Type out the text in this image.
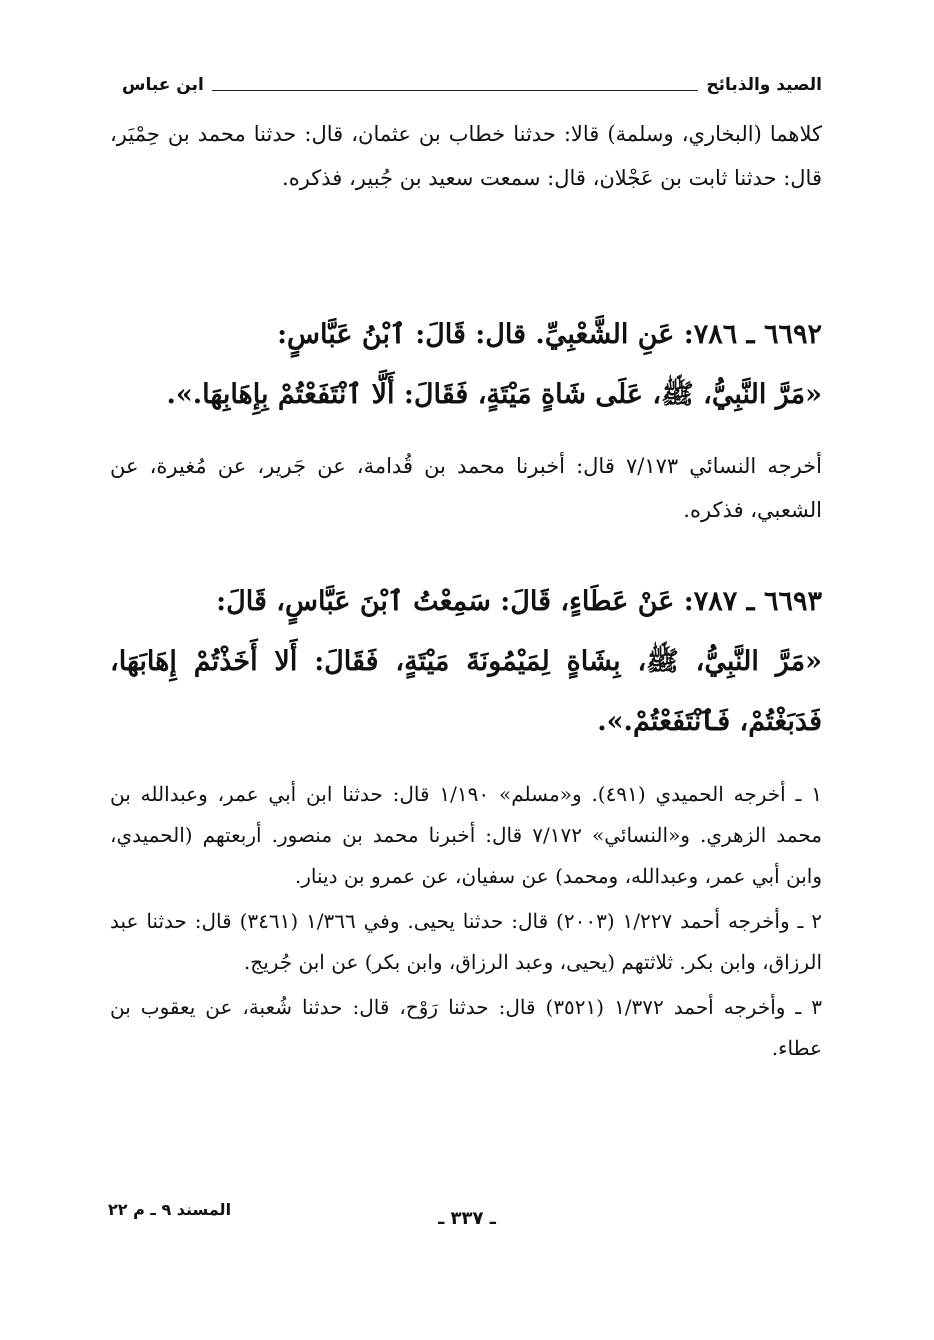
الصيد والذبائح
ابن عباس
كلاهما (البخاري، وسلمة) قالا: حدثنا خطاب بن عثمان، قال: حدثنا محمد بن حِمْيَر، قال: حدثنا ثابت بن عَجْلان، قال: سمعت سعيد بن جُبير، فذكره.
٦٦٩٢ ـ ٧٨٦: عَنِ الشَّعْبِيِّ. قال: قَالَ: ٱبْنُ عَبَّاسٍ:
«مَرَّ النَّبِيُّ، ﷺ، عَلَى شَاةٍ مَيْتَةٍ، فَقَالَ: أَلَّا ٱنْتَفَعْتُمْ بِإِهَابِهَا.».
أخرجه النسائي ٧/١٧٣ قال: أخبرنا محمد بن قُدامة، عن جَرير، عن مُغيرة، عن الشعبي، فذكره.
٦٦٩٣ ـ ٧٨٧: عَنْ عَطَاءٍ، قَالَ: سَمِعْتُ ٱبْنَ عَبَّاسٍ، قَالَ:
«مَرَّ النَّبِيُّ، ﷺ، بِشَاةٍ لِمَيْمُونَةَ مَيْتَةٍ، فَقَالَ: أَلا أَخَذْتُمْ إِهَابَهَا، فَدَبَغْتُمْ، فَٱنْتَفَعْتُمْ.».

١ ـ أخرجه الحميدي (٤٩١). و«مسلم» ١/١٩٠ قال: حدثنا ابن أبي عمر، وعبدالله بن محمد الزهري. و«النسائي» ٧/١٧٢ قال: أخبرنا محمد بن منصور. أربعتهم (الحميدي، وابن أبي عمر، وعبدالله، ومحمد) عن سفيان، عن عمرو بن دينار.

٢ ـ وأخرجه أحمد ١/٢٢٧ (٢٠٠٣) قال: حدثنا يحيى. وفي ١/٣٦٦ (٣٤٦١) قال: حدثنا عبد الرزاق، وابن بكر. ثلاثتهم (يحيى، وعبد الرزاق، وابن بكر) عن ابن جُريج.

٣ ـ وأخرجه أحمد ١/٣٧٢ (٣٥٢١) قال: حدثنا رَوْح، قال: حدثنا شُعبة، عن يعقوب بن عطاء.

المسند ٩ ـ م ٢٢	ـ ٣٣٧ ـ
